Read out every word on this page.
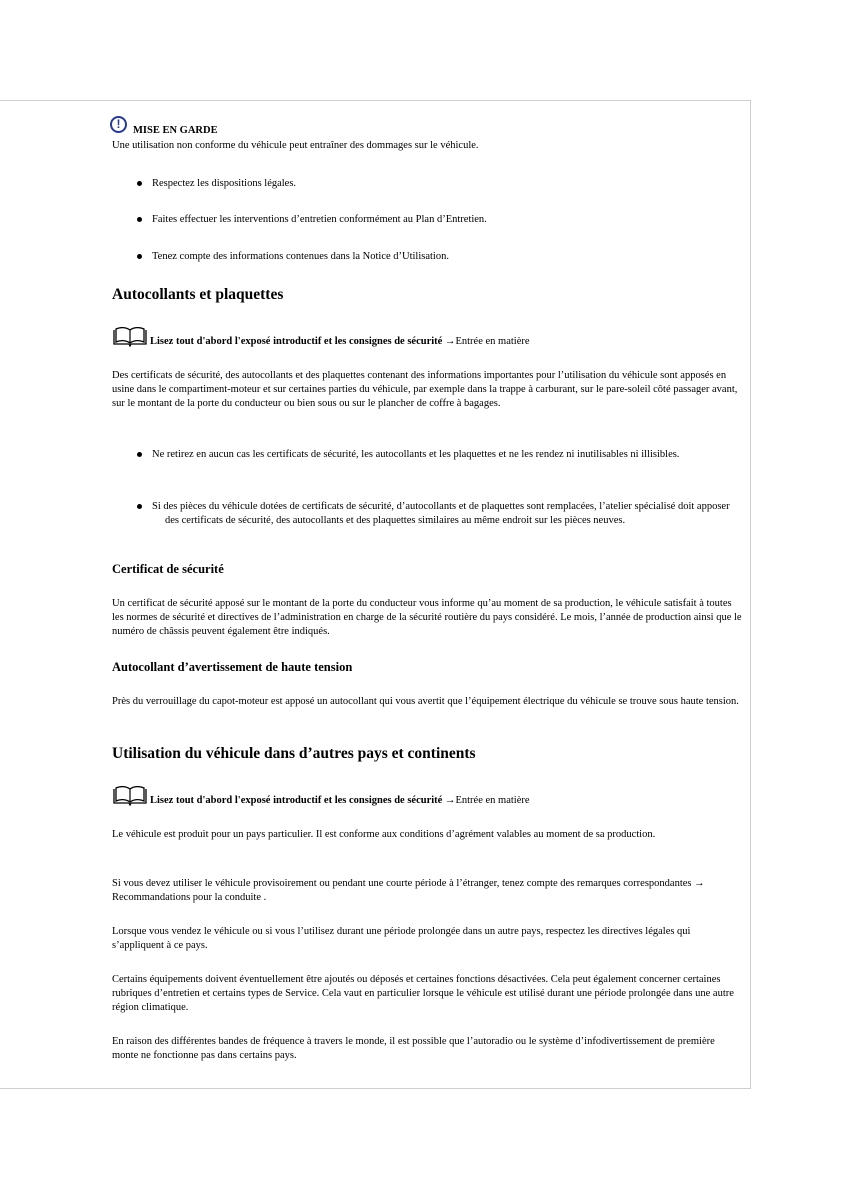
!	MISE EN GARDE

Une utilisation non conforme du véhicule peut entraîner des dommages sur le véhicule.

Respectez les dispositions légales.
Faites effectuer les interventions d’entretien conformément au Plan d’Entretien.
Tenez compte des informations contenues dans la Notice d’Utilisation.
Autocollants et plaquettes
Lisez tout d'abord l'exposé introductif et les consignes de sécurité →Entrée en matière

Des certificats de sécurité, des autocollants et des plaquettes contenant des informations importantes pour l’utilisation du véhicule sont apposés en usine dans le compartiment-moteur et sur certaines parties du véhicule, par exemple dans la trappe à carburant, sur le pare-soleil côté passager avant, sur le montant de la porte du conducteur ou bien sous ou sur le plancher de coffre à bagages.

Ne retirez en aucun cas les certificats de sécurité, les autocollants et les plaquettes et ne les rendez ni inutilisables ni illisibles.
Si des pièces du véhicule dotées de certificats de sécurité, d’autocollants et de plaquettes sont remplacées, l’atelier spécialisé doit apposer des certificats de sécurité, des autocollants et des plaquettes similaires au même endroit sur les pièces neuves.
Certificat de sécurité

Un certificat de sécurité apposé sur le montant de la porte du conducteur vous informe qu’au moment de sa production, le véhicule satisfait à toutes les normes de sécurité et directives de l’administration en charge de la sécurité routière du pays considéré. Le mois, l’année de production ainsi que le numéro de châssis peuvent également être indiqués.

Autocollant d’avertissement de haute tension

Près du verrouillage du capot-moteur est apposé un autocollant qui vous avertit que l’équipement électrique du véhicule se trouve sous haute tension.

Utilisation du véhicule dans d’autres pays et continents
Lisez tout d'abord l'exposé introductif et les consignes de sécurité →Entrée en matière

Le véhicule est produit pour un pays particulier. Il est conforme aux conditions d’agrément valables au moment de sa production.

Si vous devez utiliser le véhicule provisoirement ou pendant une courte période à l’étranger, tenez compte des remarques correspondantes → Recommandations pour la conduite .

Lorsque vous vendez le véhicule ou si vous l’utilisez durant une période prolongée dans un autre pays, respectez les directives légales qui s’appliquent à ce pays.

Certains équipements doivent éventuellement être ajoutés ou déposés et certaines fonctions désactivées. Cela peut également concerner certaines rubriques d’entretien et certains types de Service. Cela vaut en particulier lorsque le véhicule est utilisé durant une période prolongée dans une autre région climatique.

En raison des différentes bandes de fréquence à travers le monde, il est possible que l’autoradio ou le système d’infodivertissement de première monte ne fonctionne pas dans certains pays.
